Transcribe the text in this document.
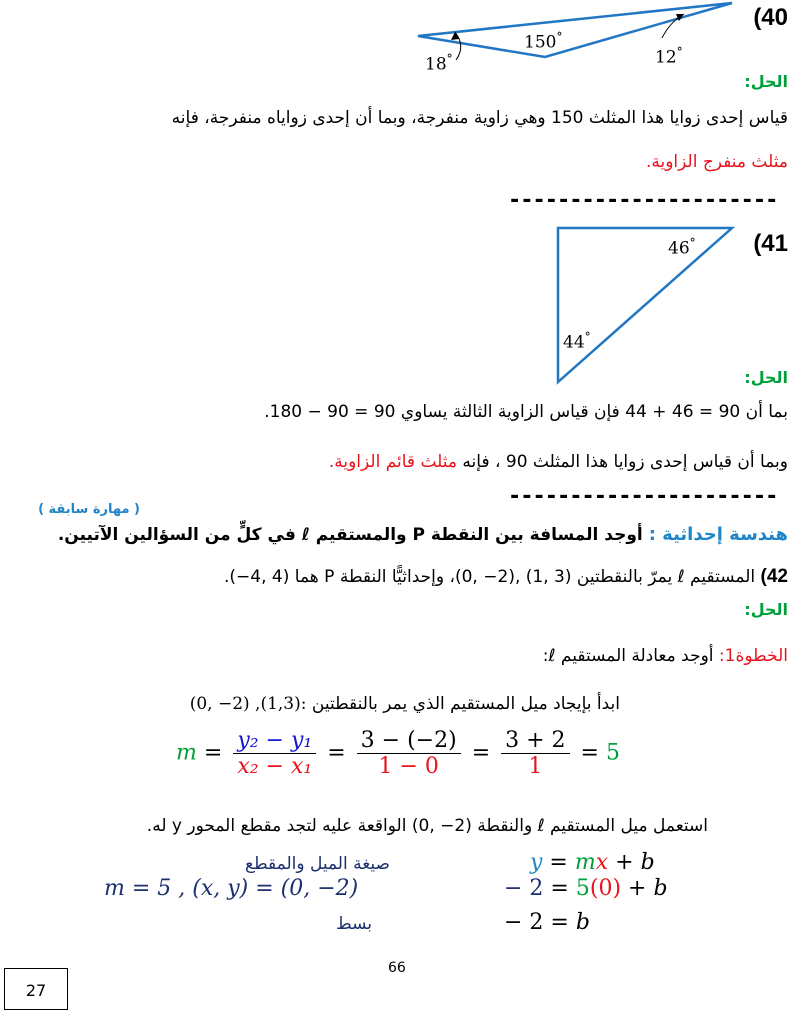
(40
150°
18°	12°
الحل:
قياس إحدى زوايا هذا المثلث 150 وهي زاوية منفرجة، وبما أن إحدى زواياه منفرجة، فإنه
مثلث منفرج الزاوية.
----------------------
(41
46°
44°
الحل:
بما أن 90 = 46 + 44 فإن قياس الزاوية الثالثة يساوي 90 = 90 − 180.
وبما أن قياس إحدى زوايا هذا المثلث 90 ، فإنه مثلث قائم الزاوية.
----------------------
( مهارة سابقة )
هندسة إحداثية : أوجد المسافة بين النقطة P والمستقيم ℓ في كلٍّ من السؤالين الآتيين.
42) المستقيم ℓ يمرّ بالنقطتين (3 ,1) ,(2− ,0)، وإحداثيًّا النقطة P هما (4 ,4−).
الحل:
الخطوة1: أوجد معادلة المستقيم ℓ:
ابدأ بإيجاد ميل المستقيم الذي يمر بالنقطتين (0, −2) ,(1,3):
$m = \frac{\text{y₂ − y₁}}{\text{x₂ − x₁}} = \frac{3 - (-2)}{1 - 0} = \frac{3 + 2}{1} = 5$
استعمل ميل المستقيم ℓ والنقطة (2− ,0) الواقعة عليه لتجد مقطع المحور y له.
صيغة الميل والمقطع	y = mx + b
m = 5 , (x, y) = (0, −2)	− 2 = 5(0) + b
بسط	− 2 = b
66
27
